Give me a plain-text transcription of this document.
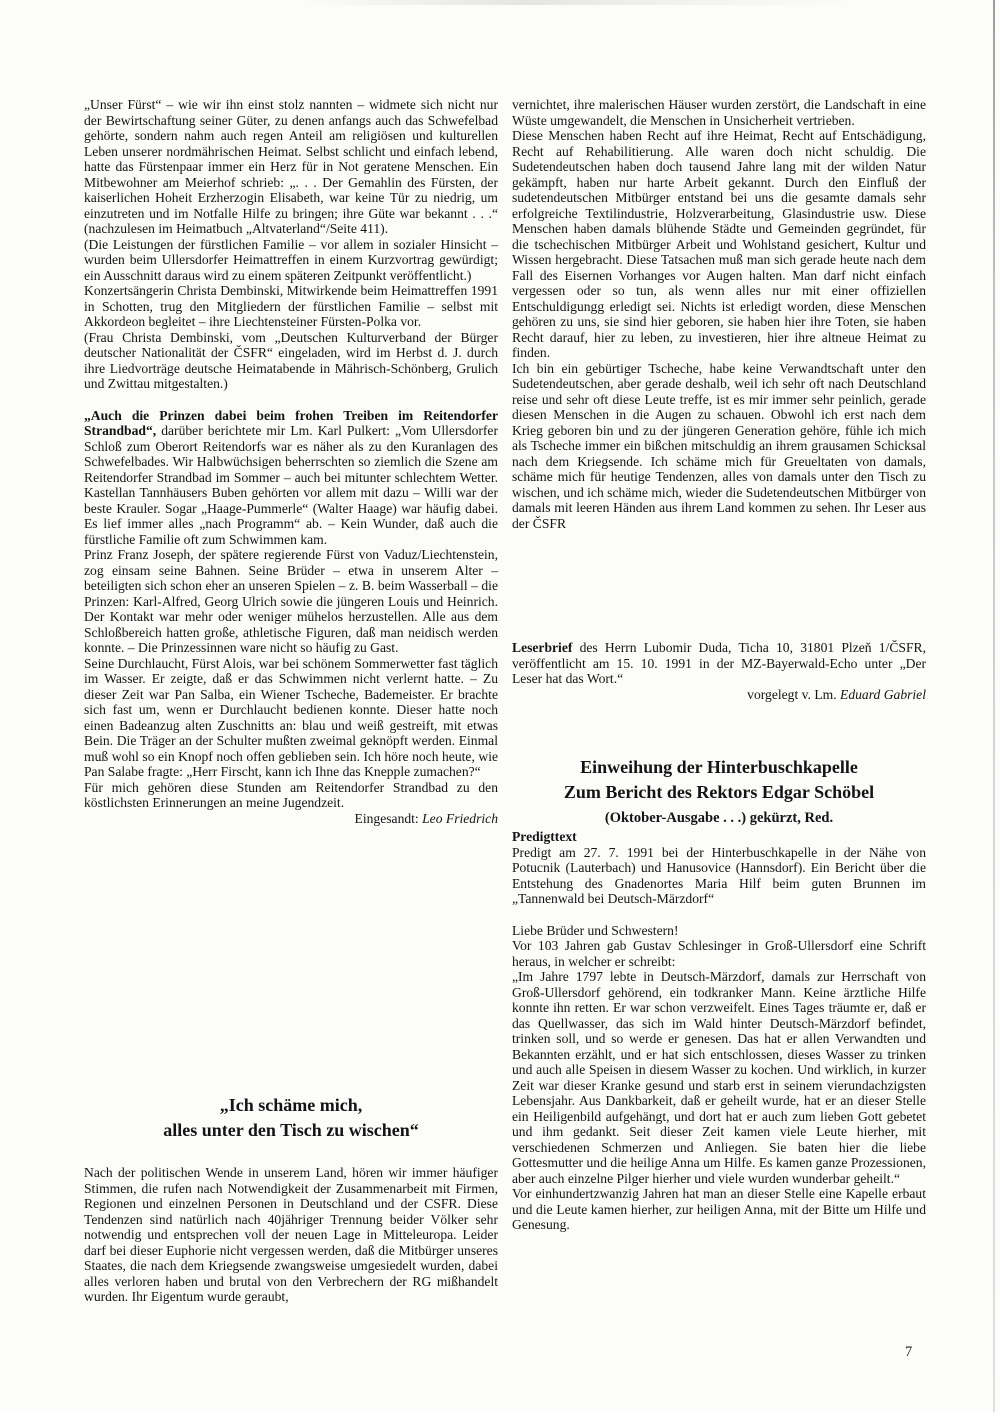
„Unser Fürst“ – wie wir ihn einst stolz nannten – widmete sich nicht nur der Bewirtschaftung seiner Güter, zu denen anfangs auch das Schwefelbad gehörte, sondern nahm auch regen Anteil am religiösen und kulturellen Leben unserer nordmährischen Heimat. Selbst schlicht und einfach lebend, hatte das Fürstenpaar immer ein Herz für in Not geratene Menschen. Ein Mitbewohner am Meierhof schrieb: „. . . Der Gemahlin des Fürsten, der kaiserlichen Hoheit Erzherzogin Elisabeth, war keine Tür zu niedrig, um einzutreten und im Notfalle Hilfe zu bringen; ihre Güte war bekannt . . .“ (nachzulesen im Heimatbuch „Altvaterland“/Seite 411).

(Die Leistungen der fürstlichen Familie – vor allem in sozialer Hinsicht – wurden beim Ullersdorfer Heimattreffen in einem Kurzvortrag gewürdigt; ein Ausschnitt daraus wird zu einem späteren Zeitpunkt veröffentlicht.)

Konzertsängerin Christa Dembinski, Mitwirkende beim Heimattreffen 1991 in Schotten, trug den Mitgliedern der fürstlichen Familie – selbst mit Akkordeon begleitet – ihre Liechtensteiner Fürsten-Polka vor.

(Frau Christa Dembinski, vom „Deutschen Kulturverband der Bürger deutscher Nationalität der ČSFR“ eingeladen, wird im Herbst d. J. durch ihre Liedvorträge deutsche Heimatabende in Mährisch-Schönberg, Grulich und Zwittau mitgestalten.)

„Auch die Prinzen dabei beim frohen Treiben im Reitendorfer Strandbad“, darüber berichtete mir Lm. Karl Pulkert: „Vom Ullersdorfer Schloß zum Oberort Reitendorfs war es näher als zu den Kuranlagen des Schwefelbades. Wir Halbwüchsigen beherrschten so ziemlich die Szene am Reitendorfer Strandbad im Sommer – auch bei mitunter schlechtem Wetter. Kastellan Tannhäusers Buben gehörten vor allem mit dazu – Willi war der beste Krauler. Sogar „Haage-Pummerle“ (Walter Haage) war häufig dabei. Es lief immer alles „nach Programm“ ab. – Kein Wunder, daß auch die fürstliche Familie oft zum Schwimmen kam.

Prinz Franz Joseph, der spätere regierende Fürst von Vaduz/Liechtenstein, zog einsam seine Bahnen. Seine Brüder – etwa in unserem Alter – beteiligten sich schon eher an unseren Spielen – z. B. beim Wasserball – die Prinzen: Karl-Alfred, Georg Ulrich sowie die jüngeren Louis und Heinrich. Der Kontakt war mehr oder weniger mühelos herzustellen. Alle aus dem Schloßbereich hatten große, athletische Figuren, daß man neidisch werden konnte. – Die Prinzessinnen ware nicht so häufig zu Gast.

Seine Durchlaucht, Fürst Alois, war bei schönem Sommerwetter fast täglich im Wasser. Er zeigte, daß er das Schwimmen nicht verlernt hatte. – Zu dieser Zeit war Pan Salba, ein Wiener Tscheche, Bademeister. Er brachte sich fast um, wenn er Durchlaucht bedienen konnte. Dieser hatte noch einen Badeanzug alten Zuschnitts an: blau und weiß gestreift, mit etwas Bein. Die Träger an der Schulter mußten zweimal geknöpft werden. Einmal muß wohl so ein Knopf noch offen geblieben sein. Ich höre noch heute, wie Pan Salabe fragte: „Herr Firscht, kann ich Ihne das Knepple zumachen?“

Für mich gehören diese Stunden am Reitendorfer Strandbad zu den köstlichsten Erinnerungen an meine Jugendzeit.

Eingesandt: Leo Friedrich

„Ich schäme mich,
alles unter den Tisch zu wischen“

Nach der politischen Wende in unserem Land, hören wir immer häufiger Stimmen, die rufen nach Notwendigkeit der Zusammenarbeit mit Firmen, Regionen und einzelnen Personen in Deutschland und der CSFR. Diese Tendenzen sind natürlich nach 40jähriger Trennung beider Völker sehr notwendig und entsprechen voll der neuen Lage in Mitteleuropa. Leider darf bei dieser Euphorie nicht vergessen werden, daß die Mitbürger unseres Staates, die nach dem Kriegsende zwangsweise umgesiedelt wurden, dabei alles verloren haben und brutal von den Verbrechern der RG mißhandelt wurden. Ihr Eigentum wurde geraubt,

vernichtet, ihre malerischen Häuser wurden zerstört, die Landschaft in eine Wüste umgewandelt, die Menschen in Unsicherheit vertrieben.

Diese Menschen haben Recht auf ihre Heimat, Recht auf Entschädigung, Recht auf Rehabilitierung. Alle waren doch nicht schuldig. Die Sudetendeutschen haben doch tausend Jahre lang mit der wilden Natur gekämpft, haben nur harte Arbeit gekannt. Durch den Einfluß der sudetendeutschen Mitbürger entstand bei uns die gesamte damals sehr erfolgreiche Textilindustrie, Holzverarbeitung, Glasindustrie usw. Diese Menschen haben damals blühende Städte und Gemeinden gegründet, für die tschechischen Mitbürger Arbeit und Wohlstand gesichert, Kultur und Wissen hergebracht. Diese Tatsachen muß man sich gerade heute nach dem Fall des Eisernen Vorhanges vor Augen halten. Man darf nicht einfach vergessen oder so tun, als wenn alles nur mit einer offiziellen Entschuldigungg erledigt sei. Nichts ist erledigt worden, diese Menschen gehören zu uns, sie sind hier geboren, sie haben hier ihre Toten, sie haben Recht darauf, hier zu leben, zu investieren, hier ihre altneue Heimat zu finden.

Ich bin ein gebürtiger Tscheche, habe keine Verwandtschaft unter den Sudetendeutschen, aber gerade deshalb, weil ich sehr oft nach Deutschland reise und sehr oft diese Leute treffe, ist es mir immer sehr peinlich, gerade diesen Menschen in die Augen zu schauen. Obwohl ich erst nach dem Krieg geboren bin und zu der jüngeren Generation gehöre, fühle ich mich als Tscheche immer ein bißchen mitschuldig an ihrem grausamen Schicksal nach dem Kriegsende. Ich schäme mich für Greueltaten von damals, schäme mich für heutige Tendenzen, alles von damals unter den Tisch zu wischen, und ich schäme mich, wieder die Sudetendeutschen Mitbürger von damals mit leeren Händen aus ihrem Land kommen zu sehen. Ihr Leser aus der ČSFR

Leserbrief des Herrn Lubomir Duda, Ticha 10, 31801 Plzeň 1/ČSFR, veröffentlicht am 15. 10. 1991 in der MZ-Bayerwald-Echo unter „Der Leser hat das Wort.“

vorgelegt v. Lm. Eduard Gabriel

Einweihung der Hinterbuschkapelle
Zum Bericht des Rektors Edgar Schöbel

(Oktober-Ausgabe . . .) gekürzt, Red.

Predigttext

Predigt am 27. 7. 1991 bei der Hinterbuschkapelle in der Nähe von Potucnik (Lauterbach) und Hanusovice (Hannsdorf). Ein Bericht über die Entstehung des Gnadenortes Maria Hilf beim guten Brunnen im „Tannenwald bei Deutsch-Märzdorf“

Liebe Brüder und Schwestern!

Vor 103 Jahren gab Gustav Schlesinger in Groß-Ullersdorf eine Schrift heraus, in welcher er schreibt:

„Im Jahre 1797 lebte in Deutsch-Märzdorf, damals zur Herrschaft von Groß-Ullersdorf gehörend, ein todkranker Mann. Keine ärztliche Hilfe konnte ihn retten. Er war schon verzweifelt. Eines Tages träumte er, daß er das Quellwasser, das sich im Wald hinter Deutsch-Märzdorf befindet, trinken soll, und so werde er genesen. Das hat er allen Verwandten und Bekannten erzählt, und er hat sich entschlossen, dieses Wasser zu trinken und auch alle Speisen in diesem Wasser zu kochen. Und wirklich, in kurzer Zeit war dieser Kranke gesund und starb erst in seinem vierundachzigsten Lebensjahr. Aus Dankbarkeit, daß er geheilt wurde, hat er an dieser Stelle ein Heiligenbild aufgehängt, und dort hat er auch zum lieben Gott gebetet und ihm gedankt. Seit dieser Zeit kamen viele Leute hierher, mit verschiedenen Schmerzen und Anliegen. Sie baten hier die liebe Gottesmutter und die heilige Anna um Hilfe. Es kamen ganze Prozessionen, aber auch einzelne Pilger hierher und viele wurden wunderbar geheilt.“

Vor einhundertzwanzig Jahren hat man an dieser Stelle eine Kapelle erbaut und die Leute kamen hierher, zur heiligen Anna, mit der Bitte um Hilfe und Genesung.

7
